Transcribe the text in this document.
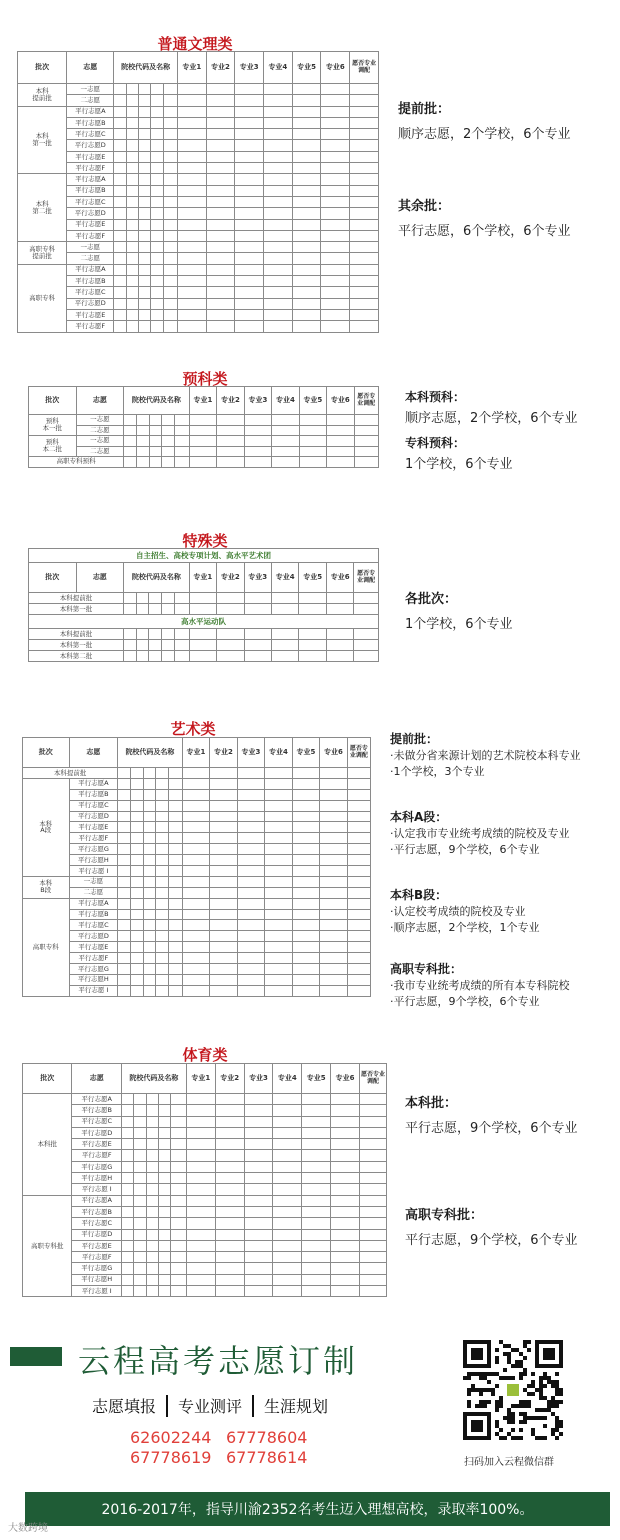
普通文理类
批次	志愿	院校代码及名称					专业1	专业2	专业3	专业4	专业5	专业6	愿否专业调配
本科
提前批	一志愿												
	二志愿												
本科
第一批	平行志愿A												
	平行志愿B												
	平行志愿C												
	平行志愿D												
	平行志愿E												
	平行志愿F												
本科
第二批	平行志愿A												
	平行志愿B												
	平行志愿C												
	平行志愿D												
	平行志愿E												
	平行志愿F												
高职专科
提前批	一志愿												
	二志愿												
高职专科	平行志愿A												
	平行志愿B												
	平行志愿C												
	平行志愿D												
	平行志愿E												
	平行志愿F												
提前批：
顺序志愿，2个学校，6个专业
其余批：
平行志愿，6个学校，6个专业
预科类
批次	志愿	院校代码及名称					专业1	专业2	专业3	专业4	专业5	专业6	愿否专业调配
预科
本一批	一志愿												
	二志愿												
预科
本二批	一志愿												
	二志愿												
高职专科预科													
本科预科：
顺序志愿，2个学校，6个专业
专科预科：
1个学校，6个专业
特殊类
自主招生、高校专项计划、高水平艺术团													
批次	志愿	院校代码及名称					专业1	专业2	专业3	专业4	专业5	专业6	愿否专业调配
本科提前批													
本科第一批													
高水平运动队													
本科提前批													
本科第一批													
本科第二批													
各批次：
1个学校，6个专业
艺术类
批次	志愿	院校代码及名称					专业1	专业2	专业3	专业4	专业5	专业6	愿否专业调配
本科提前批													
本科
A段	平行志愿A												
	平行志愿B												
	平行志愿C												
	平行志愿D												
	平行志愿E												
	平行志愿F												
	平行志愿G												
	平行志愿H												
	平行志愿 I												
本科
B段	一志愿												
	二志愿												
高职专科	平行志愿A												
	平行志愿B												
	平行志愿C												
	平行志愿D												
	平行志愿E												
	平行志愿F												
	平行志愿G												
	平行志愿H												
	平行志愿 I												
提前批：
·未做分省来源计划的艺术院校本科专业
·1个学校，3个专业
本科A段：
·认定我市专业统考成绩的院校及专业
·平行志愿，9个学校，6个专业
本科B段：
·认定校考成绩的院校及专业
·顺序志愿，2个学校，1个专业
高职专科批：
·我市专业统考成绩的所有本专科院校
·平行志愿，9个学校，6个专业
体育类
批次	志愿	院校代码及名称					专业1	专业2	专业3	专业4	专业5	专业6	愿否专业调配
本科批	平行志愿A												
	平行志愿B												
	平行志愿C												
	平行志愿D												
	平行志愿E												
	平行志愿F												
	平行志愿G												
	平行志愿H												
	平行志愿 I												
高职专科批	平行志愿A												
	平行志愿B												
	平行志愿C												
	平行志愿D												
	平行志愿E												
	平行志愿F												
	平行志愿G												
	平行志愿H												
	平行志愿 I												
本科批：
平行志愿，9个学校，6个专业
高职专科批：
平行志愿，9个学校，6个专业
云程高考志愿订制
志愿填报 专业测评 生涯规划
62602244 67778604
67778619 67778614	扫码加入云程微信群
2016-2017年，指导川渝2352名考生迈入理想高校，录取率100%。
大数跨境
